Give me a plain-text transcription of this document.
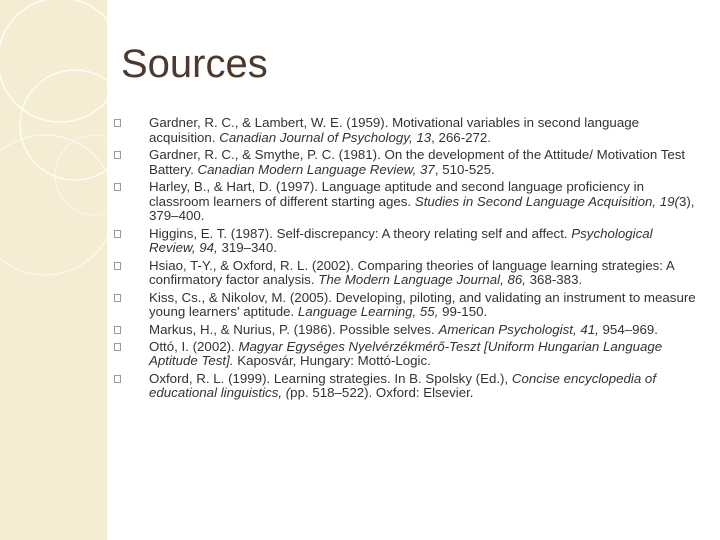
Sources
Gardner, R. C., & Lambert, W. E. (1959). Motivational variables in second language acquisition. Canadian Journal of Psychology, 13, 266-272.
Gardner, R. C., & Smythe, P. C. (1981). On the development of the Attitude/ Motivation Test Battery. Canadian Modern Language Review, 37, 510-525.
Harley, B., & Hart, D. (1997). Language aptitude and second language proficiency in classroom learners of different starting ages. Studies in Second Language Acquisition, 19(3), 379–400.
Higgins, E. T. (1987). Self-discrepancy: A theory relating self and affect. Psychological Review, 94, 319–340.
Hsiao, T-Y., & Oxford, R. L. (2002). Comparing theories of language learning strategies: A confirmatory factor analysis. The Modern Language Journal, 86, 368-383.
Kiss, Cs., & Nikolov, M. (2005). Developing, piloting, and validating an instrument to measure young learners' aptitude. Language Learning, 55, 99-150.
Markus, H., & Nurius, P. (1986). Possible selves. American Psychologist, 41, 954–969.
Ottó, I. (2002). Magyar Egységes Nyelvérzékmérő-Teszt [Uniform Hungarian Language Aptitude Test]. Kaposvár, Hungary: Mottó-Logic.
Oxford, R. L. (1999). Learning strategies. In B. Spolsky (Ed.), Concise encyclopedia of educational linguistics, (pp. 518–522). Oxford: Elsevier.
